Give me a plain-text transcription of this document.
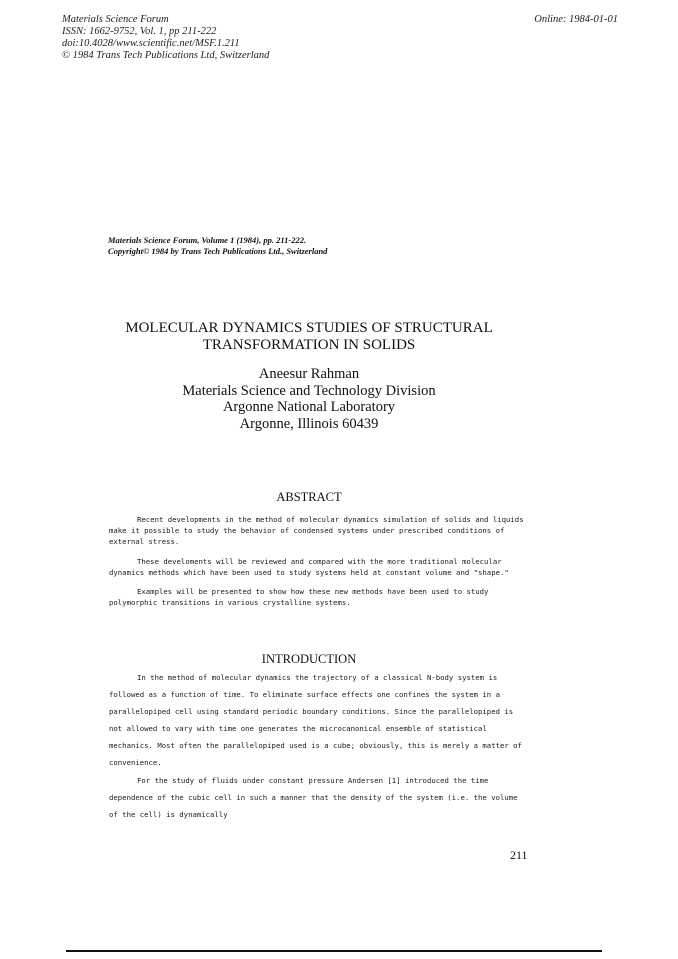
Materials Science Forum
ISSN: 1662-9752, Vol. 1, pp 211-222
doi:10.4028/www.scientific.net/MSF.1.211
© 1984 Trans Tech Publications Ltd, Switzerland
Online: 1984-01-01
Materials Science Forum, Volume 1 (1984), pp. 211-222.
Copyright© 1984 by Trans Tech Publications Ltd., Switzerland
MOLECULAR DYNAMICS STUDIES OF STRUCTURAL
TRANSFORMATION IN SOLIDS
Aneesur Rahman
Materials Science and Technology Division
Argonne National Laboratory
Argonne, Illinois 60439
ABSTRACT

Recent developments in the method of molecular dynamics simulation of solids and liquids make it possible to study the behavior of condensed systems under prescribed conditions of external stress.

These develoments will be reviewed and compared with the more traditional molecular dynamics methods which have been used to study systems held at constant volume and "shape."

Examples will be presented to show how these new methods have been used to study polymorphic transitions in various crystalline systems.

INTRODUCTION

In the method of molecular dynamics the trajectory of a classical N-body system is followed as a function of time. To eliminate surface effects one confines the system in a parallelopiped cell using standard periodic boundary conditions. Since the parallelopiped is not allowed to vary with time one generates the microcanonical ensemble of statistical mechanics. Most often the parallelopiped used is a cube; obviously, this is merely a matter of convenience.

For the study of fluids under constant pressure Andersen [1] introduced the time dependence of the cubic cell in such a manner that the density of the system (i.e. the volume of the cell) is dynamically

211
